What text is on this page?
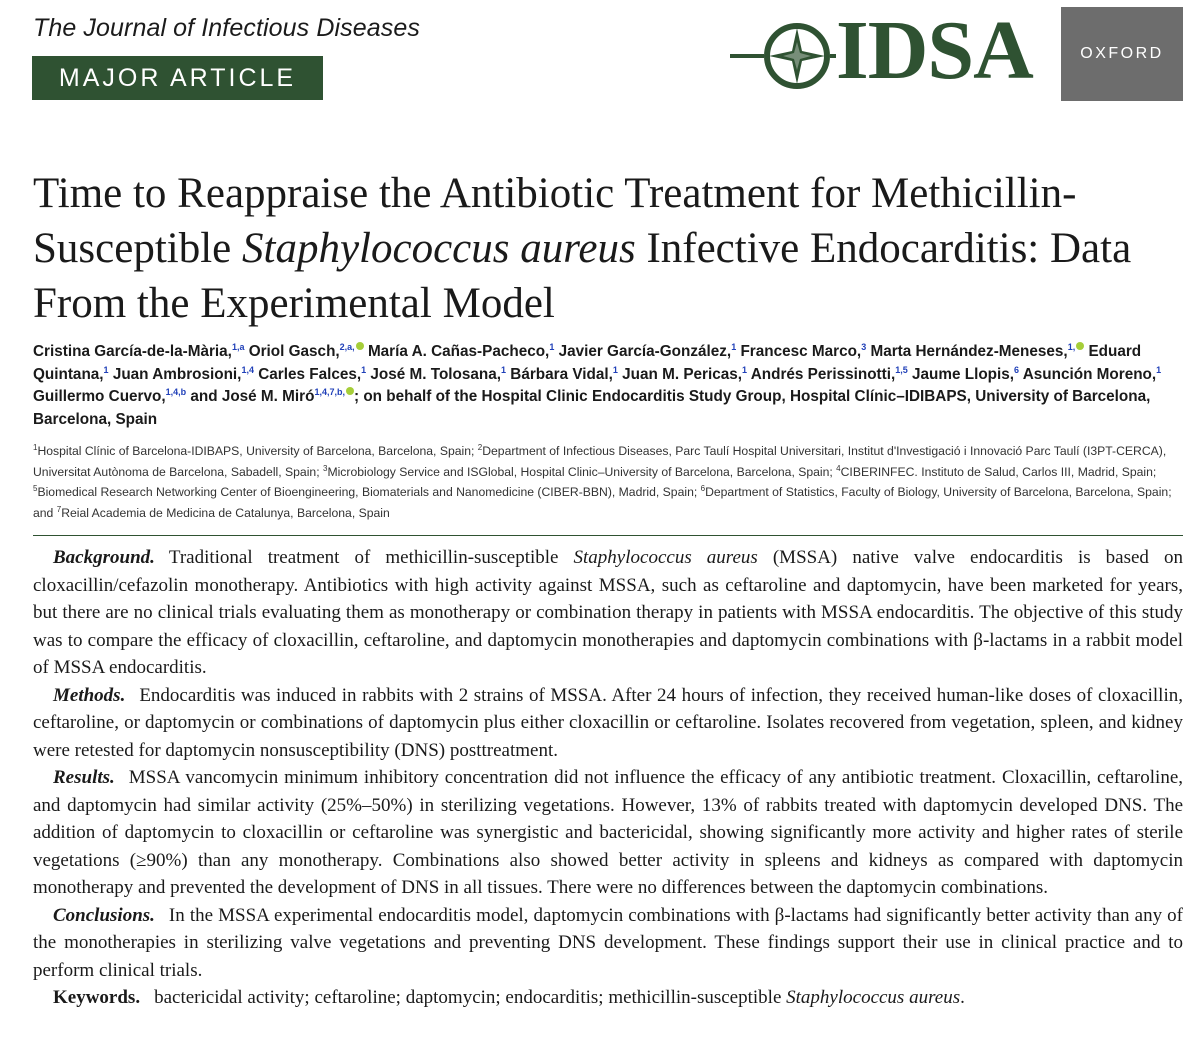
The Journal of Infectious Diseases
MAJOR ARTICLE	IDSA	OXFORD
Time to Reappraise the Antibiotic Treatment for Methicillin-Susceptible Staphylococcus aureus Infective Endocarditis: Data From the Experimental Model
Cristina García-de-la-Mària,$^{1,a}$ Oriol Gasch,$^{2,a,}$ María A. Cañas-Pacheco,$^1$ Javier García-González,$^1$ Francesc Marco,$^3$ Marta Hernández-Meneses,$^{1,}$ Eduard Quintana,$^1$ Juan Ambrosioni,$^{1,4}$ Carles Falces,$^1$ José M. Tolosana,$^1$ Bárbara Vidal,$^1$ Juan M. Pericas,$^1$ Andrés Perissinotti,$^{1,5}$ Jaume Llopis,$^6$ Asunción Moreno,$^1$ Guillermo Cuervo,$^{1,4,b}$ and José M. Miró$^{1,4,7,b,}$ ; on behalf of the Hospital Clinic Endocarditis Study Group, Hospital Clínic–IDIBAPS, University of Barcelona, Barcelona, Spain
$^1$Hospital Clínic of Barcelona-IDIBAPS, University of Barcelona, Barcelona, Spain; $^2$Department of Infectious Diseases, Parc Taulí Hospital Universitari, Institut d'Investigació i Innovació Parc Taulí (I3PT-CERCA), Universitat Autònoma de Barcelona, Sabadell, Spain; $^3$Microbiology Service and ISGlobal, Hospital Clinic–University of Barcelona, Barcelona, Spain; $^4$CIBERINFEC. Instituto de Salud, Carlos III, Madrid, Spain; $^5$Biomedical Research Networking Center of Bioengineering, Biomaterials and Nanomedicine (CIBER-BBN), Madrid, Spain; $^6$Department of Statistics, Faculty of Biology, University of Barcelona, Barcelona, Spain; and $^7$Reial Academia de Medicina de Catalunya, Barcelona, Spain

Background. Traditional treatment of methicillin-susceptible Staphylococcus aureus (MSSA) native valve endocarditis is based on cloxacillin/cefazolin monotherapy. Antibiotics with high activity against MSSA, such as ceftaroline and daptomycin, have been marketed for years, but there are no clinical trials evaluating them as monotherapy or combination therapy in patients with MSSA endocarditis. The objective of this study was to compare the efficacy of cloxacillin, ceftaroline, and daptomycin monotherapies and daptomycin combinations with β-lactams in a rabbit model of MSSA endocarditis.

Methods. Endocarditis was induced in rabbits with 2 strains of MSSA. After 24 hours of infection, they received human-like doses of cloxacillin, ceftaroline, or daptomycin or combinations of daptomycin plus either cloxacillin or ceftaroline. Isolates recovered from vegetation, spleen, and kidney were retested for daptomycin nonsusceptibility (DNS) posttreatment.

Results. MSSA vancomycin minimum inhibitory concentration did not influence the efficacy of any antibiotic treatment. Cloxacillin, ceftaroline, and daptomycin had similar activity (25%–50%) in sterilizing vegetations. However, 13% of rabbits treated with daptomycin developed DNS. The addition of daptomycin to cloxacillin or ceftaroline was synergistic and bactericidal, showing significantly more activity and higher rates of sterile vegetations (≥90%) than any monotherapy. Combinations also showed better activity in spleens and kidneys as compared with daptomycin monotherapy and prevented the development of DNS in all tissues. There were no differences between the daptomycin combinations.

Conclusions. In the MSSA experimental endocarditis model, daptomycin combinations with β-lactams had significantly better activity than any of the monotherapies in sterilizing valve vegetations and preventing DNS development. These findings support their use in clinical practice and to perform clinical trials.

Keywords. bactericidal activity; ceftaroline; daptomycin; endocarditis; methicillin-susceptible Staphylococcus aureus.
